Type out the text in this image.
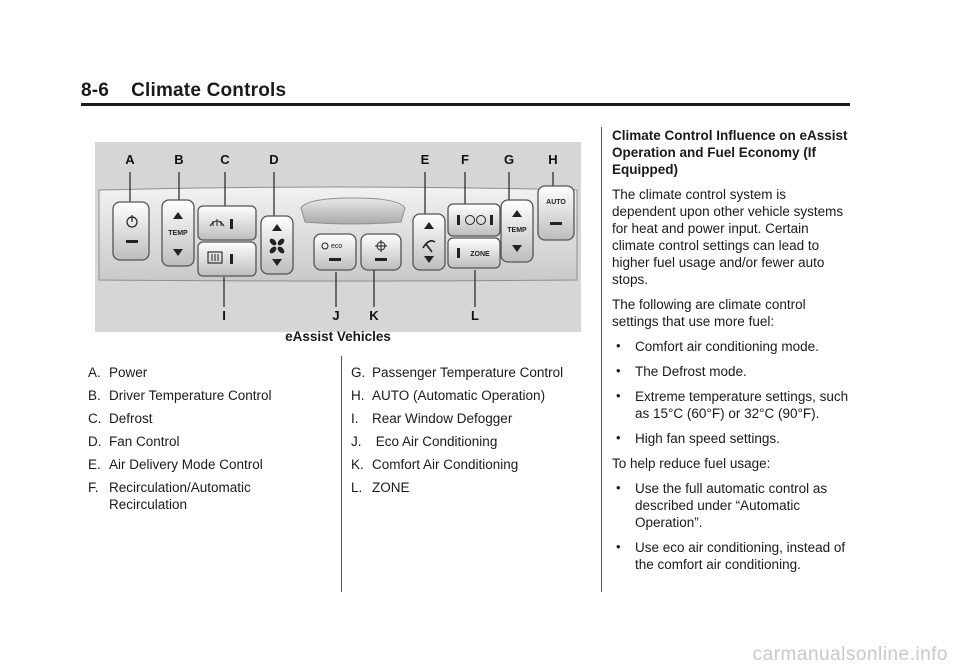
8-6 Climate Controls
A	B	C	D	E F	G	H
I	J K	L
TEMP
eco
ZONE
TEMP
AUTO
eAssist Vehicles
A. Power
B. Driver Temperature Control
C. Defrost
D. Fan Control
E. Air Delivery Mode Control
F. Recirculation/Automatic Recirculation
G. Passenger Temperature Control
H. AUTO (Automatic Operation)
I. Rear Window Defogger
J. Eco Air Conditioning
K. Comfort Air Conditioning
L. ZONE
Climate Control Influence on eAssist Operation and Fuel Economy (If Equipped)
The climate control system is dependent upon other vehicle systems for heat and power input. Certain climate control settings can lead to higher fuel usage and/or fewer auto stops.
The following are climate control settings that use more fuel:
• Comfort air conditioning mode.
• The Defrost mode.
• Extreme temperature settings, such as 15°C (60°F) or 32°C (90°F).
• High fan speed settings.
To help reduce fuel usage:
• Use the full automatic control as described under “Automatic Operation”.
• Use eco air conditioning, instead of the comfort air conditioning.
carmanualsonline.info
